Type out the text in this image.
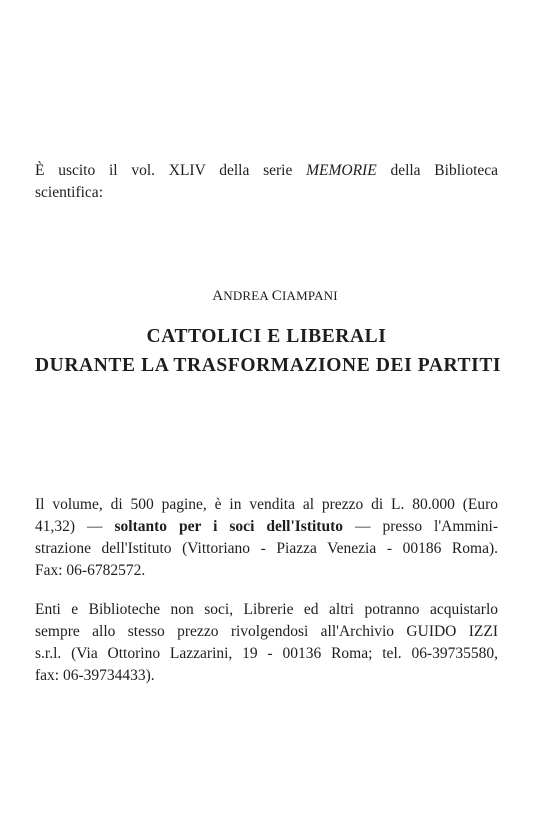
È uscito il vol. XLIV della serie MEMORIE della Biblioteca
scientifica:
ANDREA CIAMPANI
CATTOLICI E LIBERALI
DURANTE LA TRASFORMAZIONE DEI PARTITI
Il volume, di 500 pagine, è in vendita al prezzo di L. 80.000 (Euro
41,32) — soltanto per i soci dell'Istituto — presso l'Ammini-
strazione dell'Istituto (Vittoriano - Piazza Venezia - 00186 Roma).
Fax: 06-6782572.
Enti e Biblioteche non soci, Librerie ed altri potranno acquistarlo
sempre allo stesso prezzo rivolgendosi all'Archivio GUIDO IZZI
s.r.l. (Via Ottorino Lazzarini, 19 - 00136 Roma; tel. 06-39735580,
fax: 06-39734433).
